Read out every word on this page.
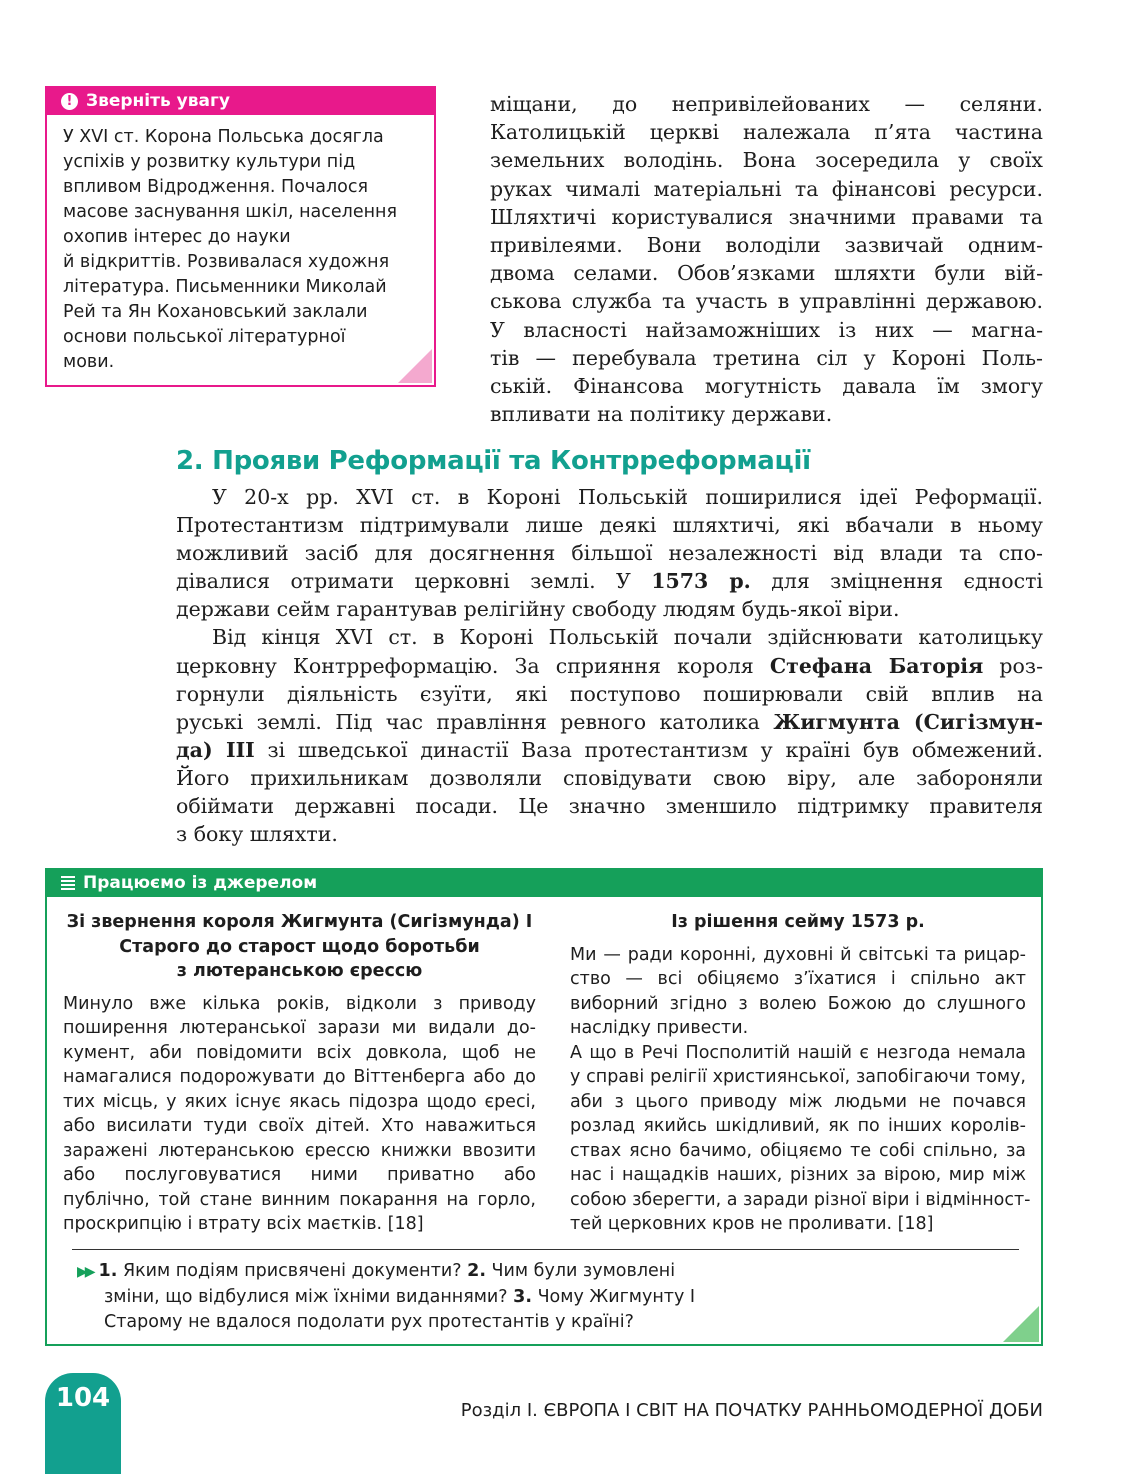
! Зверніть увагу
У XVI ст. Корона Польська досягла
успіхів у розвитку культури під
впливом Відродження. Почалося
масове заснування шкіл, населення
охопив інтерес до науки
й відкриттів. Розвивалася художня
література. Письменники Миколай
Рей та Ян Кохановський заклали
основи польської літературної
мови.
міщани, до непривілейованих — селяни.
Католицькій церкві належала п’ята частина
земельних володінь. Вона зосередила у своїх
руках чималі матеріальні та фінансові ресурси.
Шляхтичі користувалися значними правами та
привілеями. Вони володіли зазвичай одним-
двома селами. Обов’язками шляхти були вій-
ськова служба та участь в управлінні державою.
У власності найзаможніших із них — магна-
тів — перебувала третина сіл у Короні Поль-
ській. Фінансова могутність давала їм змогу
впливати на політику держави.
2. Прояви Реформації та Контрреформації
У 20-х рр. XVI ст. в Короні Польській поширилися ідеї Реформації.
Протестантизм підтримували лише деякі шляхтичі, які вбачали в ньому
можливий засіб для досягнення більшої незалежності від влади та спо-
дівалися отримати церковні землі. У 1573 р. для зміцнення єдності
держави сейм гарантував релігійну свободу людям будь-якої віри.
Від кінця XVI ст. в Короні Польській почали здійснювати католицьку
церковну Контрреформацію. За сприяння короля Стефана Баторія роз-
горнули діяльність єзуїти, які поступово поширювали свій вплив на
руські землі. Під час правління ревного католика Жигмунта (Сигізмун-
да) ІІІ зі шведської династії Ваза протестантизм у країні був обмежений.
Його прихильникам дозволяли сповідувати свою віру, але забороняли
обіймати державні посади. Це значно зменшило підтримку правителя
з боку шляхти.
Працюємо із джерелом
Зі звернення короля Жигмунта (Сигізмунда) І
Старого до старост щодо боротьби
з лютеранською єрессю
Минуло вже кілька років, відколи з приводу
поширення лютеранської зарази ми видали до-
кумент, аби повідомити всіх довкола, щоб не
намагалися подорожувати до Віттенберга або до
тих місць, у яких існує якась підозра щодо єресі,
або висилати туди своїх дітей. Хто наважиться
заражені лютеранською єрессю книжки ввозити
або послуговуватися ними приватно або
публічно, той стане винним покарання на горло,
проскрипцію і втрату всіх маєтків. [18]
Із рішення сейму 1573 р.
Ми — ради коронні, духовні й світські та рицар-
ство — всі обіцяємо з’їхатися і спільно акт
виборний згідно з волею Божою до слушного
наслідку привести.
А що в Речі Посполитій нашій є незгода немала
у справі релігії християнської, запобігаючи тому,
аби з цього приводу між людьми не почався
розлад якийсь шкідливий, як по інших королів-
ствах ясно бачимо, обіцяємо те собі спільно, за
нас і нащадків наших, різних за вірою, мир між
собою зберегти, а заради різної віри і відмінност-
тей церковних кров не проливати. [18]
▶▶ 1. Яким подіям присвячені документи? 2. Чим були зумовлені
зміни, що відбулися між їхніми виданнями? 3. Чому Жигмунту І
Старому не вдалося подолати рух протестантів у країні?
104	Розділ І. ЄВРОПА І СВІТ НА ПОЧАТКУ РАННЬОМОДЕРНОЇ ДОБИ
